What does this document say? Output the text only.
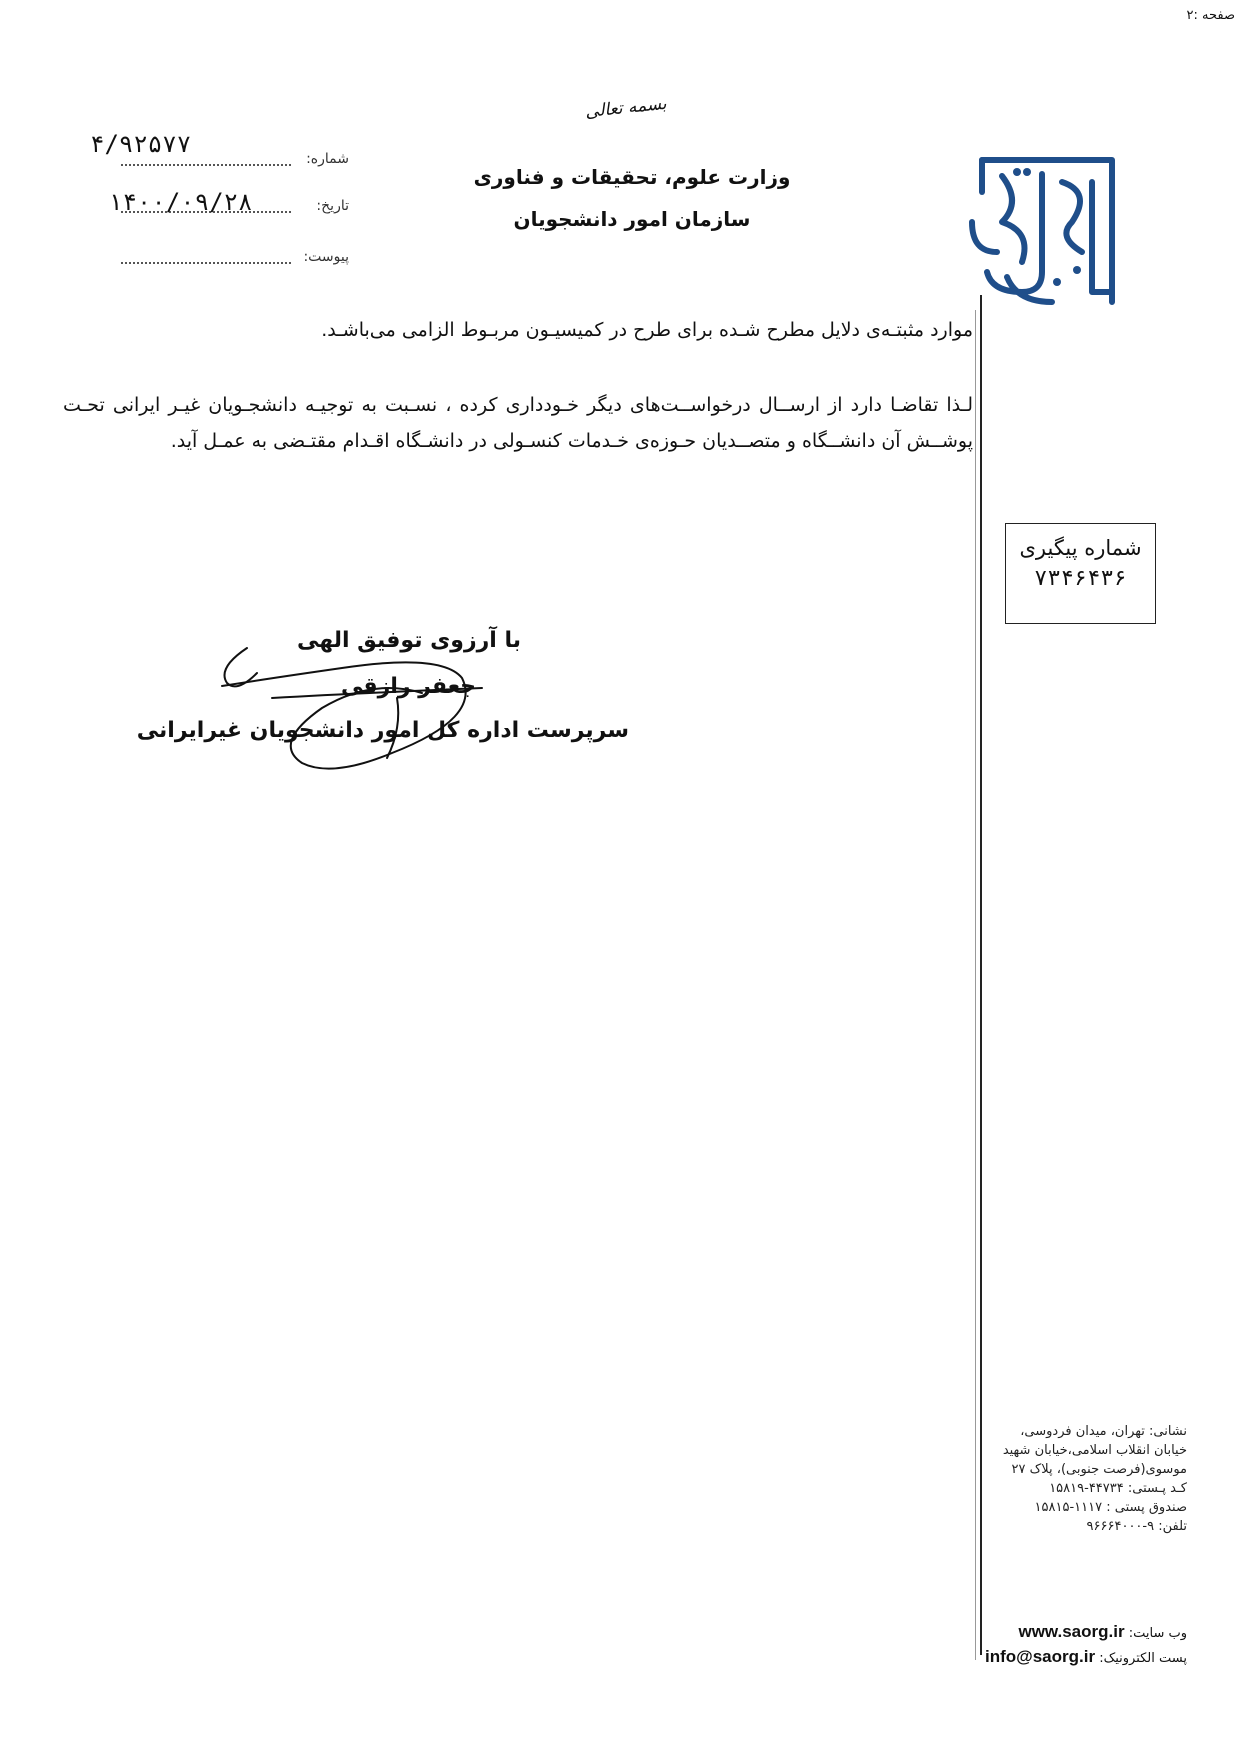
صفحه :۲
بسمه تعالی
وزارت علوم، تحقیقات و فناوری
سازمان امور دانشجویان
شماره:
تاریخ:
پیوست:
۴/۹۲۵۷۷
۱۴۰۰/۰۹/۲۸
موارد مثبتـه‌ی دلایل مطرح شـده برای طرح در کمیسیـون مربـوط الزامی می‌باشـد.
لـذا تقاضـا دارد از ارســال درخواســت‌های دیگر خـودداری کرده ، نسـبت به توجیـه دانشجـویان غیـر ایرانی تحـت پوشــش آن دانشــگاه و متصــدیان حـوزه‌ی خـدمات کنسـولی در دانشـگاه اقـدام مقتـضی به عمـل آید.
شماره پیگیری
۷۳۴۶۴۳۶
با آرزوی توفیق الهی
جعفر رازقی
سرپرست اداره کل امور دانشجویان غیرایرانی
نشانی: تهران، میدان فردوسی،
خیابان انقلاب اسلامی،خیابان شهید
موسوی(فرصت جنوبی)، پلاک ۲۷
کـد پـستی: ۴۴۷۳۴-۱۵۸۱۹
صندوق پستی : ۱۱۱۷-۱۵۸۱۵
تلفن: ۹-۹۶۶۶۴۰۰۰
وب سایت: www.saorg.ir
پست الکترونیک: info@saorg.ir
